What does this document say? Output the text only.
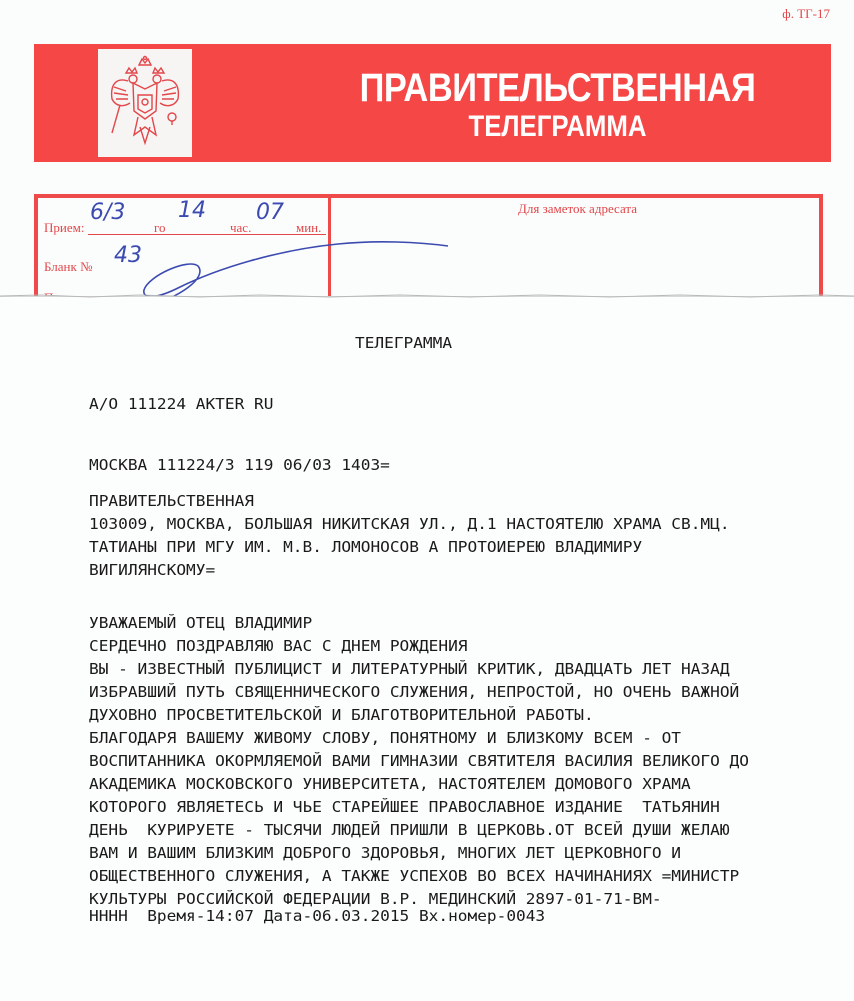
ф. ТГ-17
ПРАВИТЕЛЬСТВЕННАЯ
ТЕЛЕГРАММА
Прием:	го	час.	мин.
6/3 14 07
Бланк № 43
Для заметок адресата
ТЕЛЕГРАММА
А/О 111224 AKTER RU
МОСКВА 111224/3 119 06/03 1403=
ПРАВИТЕЛЬСТВЕННАЯ
103009, МОСКВА, БОЛЬШАЯ НИКИТСКАЯ УЛ., Д.1 НАСТОЯТЕЛЮ ХРАМА СВ.МЦ.
ТАТИАНЫ ПРИ МГУ ИМ. М.В. ЛОМОНОСОВ А ПРОТОИЕРЕЮ ВЛАДИМИРУ
ВИГИЛЯНСКОМУ=
УВАЖАЕМЫЙ ОТЕЦ ВЛАДИМИР
СЕРДЕЧНО ПОЗДРАВЛЯЮ ВАС С ДНЕМ РОЖДЕНИЯ
ВЫ - ИЗВЕСТНЫЙ ПУБЛИЦИСТ И ЛИТЕРАТУРНЫЙ КРИТИК, ДВАДЦАТЬ ЛЕТ НАЗАД
ИЗБРАВШИЙ ПУТЬ СВЯЩЕННИЧЕСКОГО СЛУЖЕНИЯ, НЕПРОСТОЙ, НО ОЧЕНЬ ВАЖНОЙ
ДУХОВНО ПРОСВЕТИТЕЛЬСКОЙ И БЛАГОТВОРИТЕЛЬНОЙ РАБОТЫ.
БЛАГОДАРЯ ВАШЕМУ ЖИВОМУ СЛОВУ, ПОНЯТНОМУ И БЛИЗКОМУ ВСЕМ - ОТ
ВОСПИТАННИКА ОКОРМЛЯЕМОЙ ВАМИ ГИМНАЗИИ СВЯТИТЕЛЯ ВАСИЛИЯ ВЕЛИКОГО ДО
АКАДЕМИКА МОСКОВСКОГО УНИВЕРСИТЕТА, НАСТОЯТЕЛЕМ ДОМОВОГО ХРАМА
КОТОРОГО ЯВЛЯЕТЕСЬ И ЧЬЕ СТАРЕЙШЕЕ ПРАВОСЛАВНОЕ ИЗДАНИЕ  ТАТЬЯНИН
ДЕНЬ  КУРИРУЕТЕ - ТЫСЯЧИ ЛЮДЕЙ ПРИШЛИ В ЦЕРКОВЬ.ОТ ВСЕЙ ДУШИ ЖЕЛАЮ
ВАМ И ВАШИМ БЛИЗКИМ ДОБРОГО ЗДОРОВЬЯ, МНОГИХ ЛЕТ ЦЕРКОВНОГО И
ОБЩЕСТВЕННОГО СЛУЖЕНИЯ, А ТАКЖЕ УСПЕХОВ ВО ВСЕХ НАЧИНАНИЯХ =МИНИСТР
КУЛЬТУРЫ РОССИЙСКОЙ ФЕДЕРАЦИИ В.Р. МЕДИНСКИЙ 2897-01-71-ВМ-
НННН  Время-14:07 Дата-06.03.2015 Вх.номер-0043
